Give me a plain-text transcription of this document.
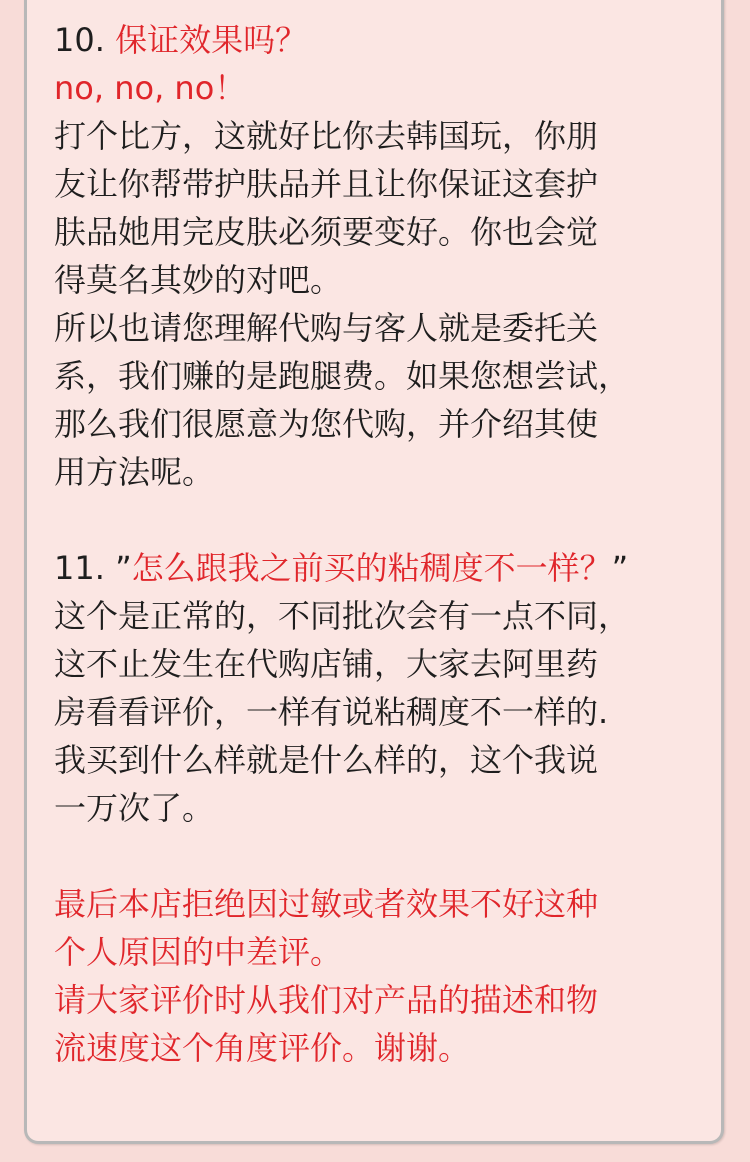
10. 保证效果吗？
no, no, no！
打个比方，这就好比你去韩国玩，你朋
友让你帮带护肤品并且让你保证这套护
肤品她用完皮肤必须要变好。你也会觉
得莫名其妙的对吧。
所以也请您理解代购与客人就是委托关
系，我们赚的是跑腿费。如果您想尝试，
那么我们很愿意为您代购，并介绍其使
用方法呢。
11. ”怎么跟我之前买的粘稠度不一样？”
这个是正常的，不同批次会有一点不同，
这不止发生在代购店铺，大家去阿里药
房看看评价，一样有说粘稠度不一样的.
我买到什么样就是什么样的，这个我说
一万次了。
最后本店拒绝因过敏或者效果不好这种
个人原因的中差评。
请大家评价时从我们对产品的描述和物
流速度这个角度评价。谢谢。
